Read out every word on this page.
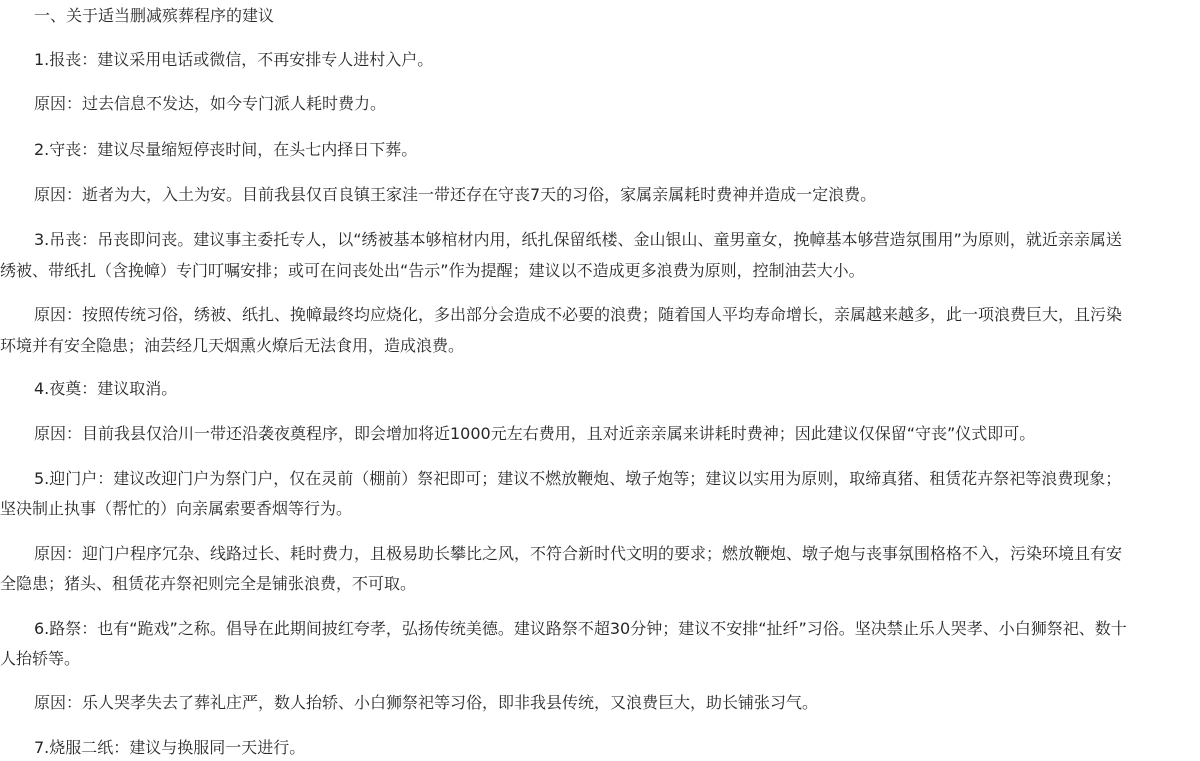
一、关于适当删减殡葬程序的建议
1.报丧：建议采用电话或微信，不再安排专人进村入户。
原因：过去信息不发达，如今专门派人耗时费力。
2.守丧：建议尽量缩短停丧时间，在头七内择日下葬。
原因：逝者为大，入土为安。目前我县仅百良镇王家洼一带还存在守丧7天的习俗，家属亲属耗时费神并造成一定浪费。
3.吊丧：吊丧即问丧。建议事主委托专人，以“绣被基本够棺材内用，纸扎保留纸楼、金山银山、童男童女，挽幛基本够营造氛围用”为原则，就近亲亲属送
绣被、带纸扎（含挽幛）专门叮嘱安排；或可在问丧处出“告示”作为提醒；建议以不造成更多浪费为原则，控制油芸大小。
原因：按照传统习俗，绣被、纸扎、挽幛最终均应烧化，多出部分会造成不必要的浪费；随着国人平均寿命增长，亲属越来越多，此一项浪费巨大，且污染
环境并有安全隐患；油芸经几天烟熏火燎后无法食用，造成浪费。
4.夜奠：建议取消。
原因：目前我县仅洽川一带还沿袭夜奠程序，即会增加将近1000元左右费用，且对近亲亲属来讲耗时费神；因此建议仅保留“守丧”仪式即可。
5.迎门户：建议改迎门户为祭门户，仅在灵前（棚前）祭祀即可；建议不燃放鞭炮、墩子炮等；建议以实用为原则，取缔真猪、租赁花卉祭祀等浪费现象；
坚决制止执事（帮忙的）向亲属索要香烟等行为。
原因：迎门户程序冗杂、线路过长、耗时费力，且极易助长攀比之风，不符合新时代文明的要求；燃放鞭炮、墩子炮与丧事氛围格格不入，污染环境且有安
全隐患；猪头、租赁花卉祭祀则完全是铺张浪费，不可取。
6.路祭：也有“跪戏”之称。倡导在此期间披红夸孝，弘扬传统美德。建议路祭不超30分钟；建议不安排“扯纤”习俗。坚决禁止乐人哭孝、小白狮祭祀、数十
人抬轿等。
原因：乐人哭孝失去了葬礼庄严，数人抬轿、小白狮祭祀等习俗，即非我县传统，又浪费巨大，助长铺张习气。
7.烧服二纸：建议与换服同一天进行。
